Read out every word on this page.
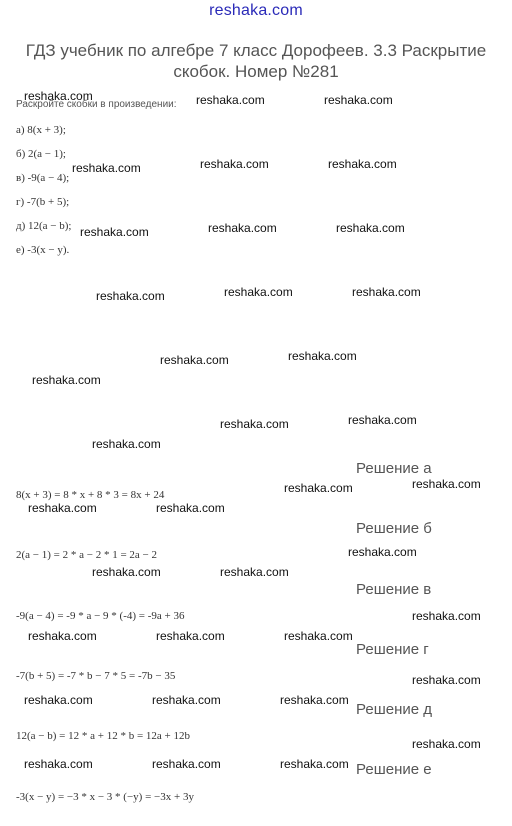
reshaka.com
ГДЗ учебник по алгебре 7 класс Дорофеев. 3.3 Раскрытие скобок. Номер №281
Раскройте скобки в произведении:
а) 8(x + 3);
б) 2(a − 1);
в) -9(a − 4);
г) -7(b + 5);
д) 12(a − b);
е) -3(x − y).
Решение а
8(x + 3) = 8 * x + 8 * 3 = 8x + 24
Решение б
2(a − 1) = 2 * a − 2 * 1 = 2a − 2
Решение в
-9(a − 4) = -9 * a − 9 * (-4) = -9a + 36
Решение г
-7(b + 5) = -7 * b − 7 * 5 = -7b − 35
Решение д
12(a − b) = 12 * a + 12 * b = 12a + 12b
Решение е
-3(x − y) = −3 * x − 3 * (−y) = −3x + 3y
reshaka.com	reshaka.com	reshaka.com
reshaka.com	reshaka.com	reshaka.com
reshaka.com	reshaka.com	reshaka.com
reshaka.com	reshaka.com	reshaka.com
reshaka.com	reshaka.com
reshaka.com
reshaka.com	reshaka.com
reshaka.com
reshaka.com	reshaka.com
reshaka.com	reshaka.com
reshaka.com
reshaka.com	reshaka.com
reshaka.com
reshaka.com	reshaka.com	reshaka.com
reshaka.com
reshaka.com	reshaka.com	reshaka.com
reshaka.com
reshaka.com	reshaka.com	reshaka.com
